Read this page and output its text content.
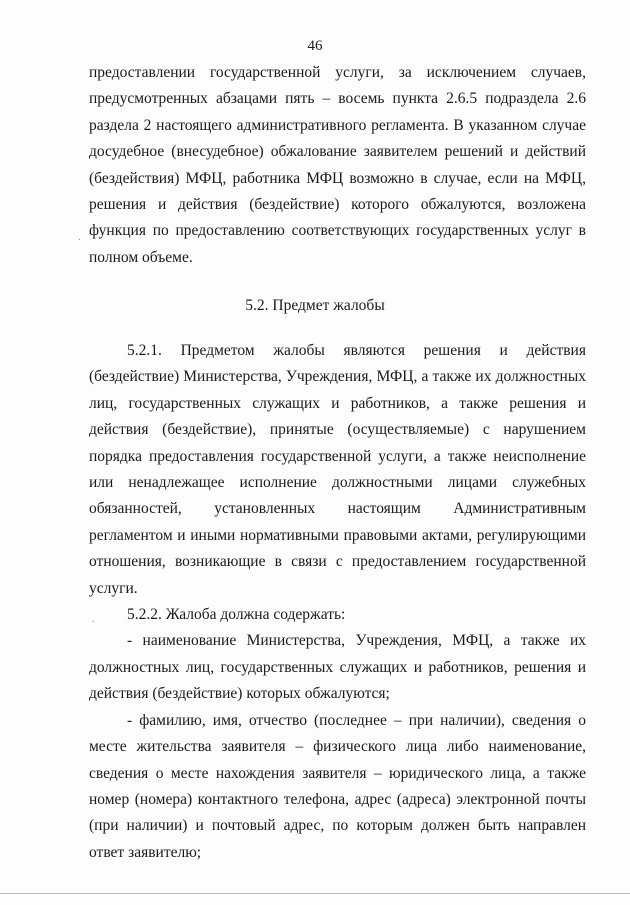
46

предоставлении государственной услуги, за исключением случаев, предусмотренных абзацами пять – восемь пункта 2.6.5 подраздела 2.6 раздела 2 настоящего административного регламента. В указанном случае досудебное (внесудебное) обжалование заявителем решений и действий (бездействия) МФЦ, работника МФЦ возможно в случае, если на МФЦ, решения и действия (бездействие) которого обжалуются, возложена функция по предоставлению соответствующих государственных услуг в полном объеме.

5.2. Предмет жалобы

5.2.1. Предметом жалобы являются решения и действия (бездействие) Министерства, Учреждения, МФЦ, а также их должностных лиц, государственных служащих и работников, а также решения и действия (бездействие), принятые (осуществляемые) с нарушением порядка предоставления государственной услуги, а также неисполнение или ненадлежащее исполнение должностными лицами служебных обязанностей, установленных настоящим Административным регламентом и иными нормативными правовыми актами, регулирующими отношения, возникающие в связи с предоставлением государственной услуги.

5.2.2. Жалоба должна содержать:

- наименование Министерства, Учреждения, МФЦ, а также их должностных лиц, государственных служащих и работников, решения и действия (бездействие) которых обжалуются;

- фамилию, имя, отчество (последнее – при наличии), сведения о месте жительства заявителя – физического лица либо наименование, сведения о месте нахождения заявителя – юридического лица, а также номер (номера) контактного телефона, адрес (адреса) электронной почты (при наличии) и почтовый адрес, по которым должен быть направлен ответ заявителю;

.
.
